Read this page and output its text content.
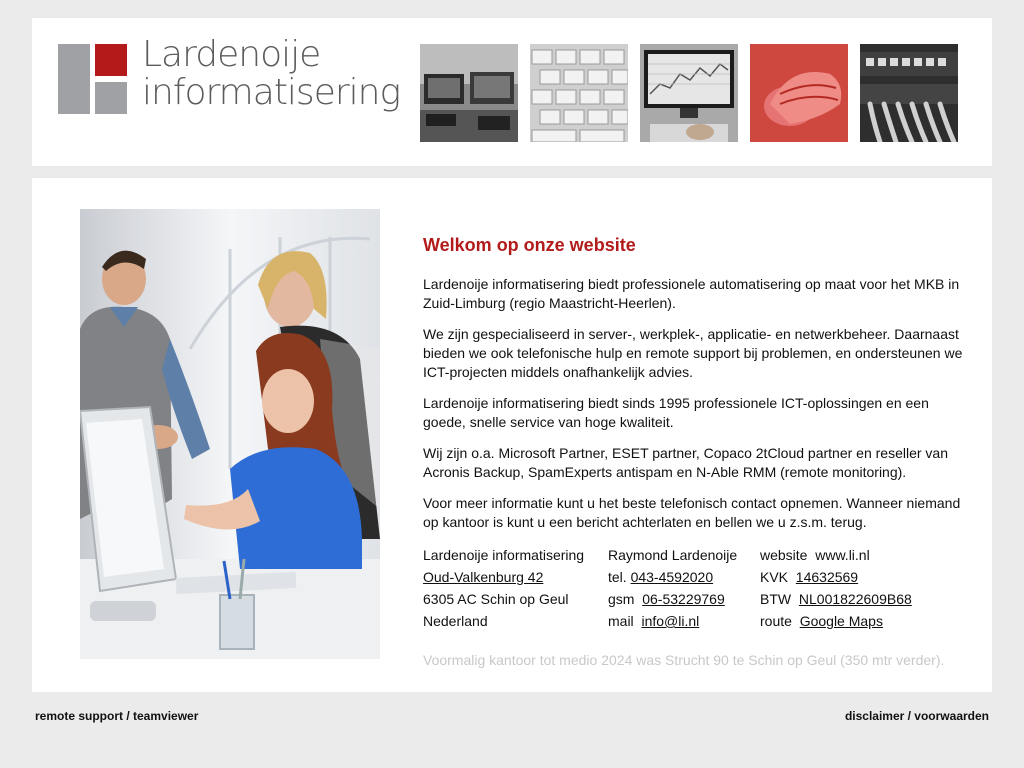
Lardenoije
informatisering
Welkom op onze website

Lardenoije informatisering biedt professionele automatisering op maat voor het MKB in Zuid-Limburg (regio Maastricht-Heerlen).

We zijn gespecialiseerd in server-, werkplek-, applicatie- en netwerkbeheer. Daarnaast bieden we ook telefonische hulp en remote support bij problemen, en ondersteunen we ICT-projecten middels onafhankelijk advies.

Lardenoije informatisering biedt sinds 1995 professionele ICT-oplossingen en een goede, snelle service van hoge kwaliteit.

Wij zijn o.a. Microsoft Partner, ESET partner, Copaco 2tCloud partner en reseller van Acronis Backup, SpamExperts antispam en N-Able RMM (remote monitoring).

Voor meer informatie kunt u het beste telefonisch contact opnemen. Wanneer niemand op kantoor is kunt u een bericht achterlaten en bellen we u z.s.m. terug.

Lardenoije informatisering
Oud-Valkenburg 42
6305 AC Schin op Geul
Nederland
Raymond Lardenoije
tel. 043-4592020
gsm 06-53229769
mail info@li.nl
website www.li.nl
KVK 14632569
BTW NL001822609B68
route Google Maps
Voormalig kantoor tot medio 2024 was Strucht 90 te Schin op Geul (350 mtr verder).
remote support / teamviewer	disclaimer / voorwaarden
